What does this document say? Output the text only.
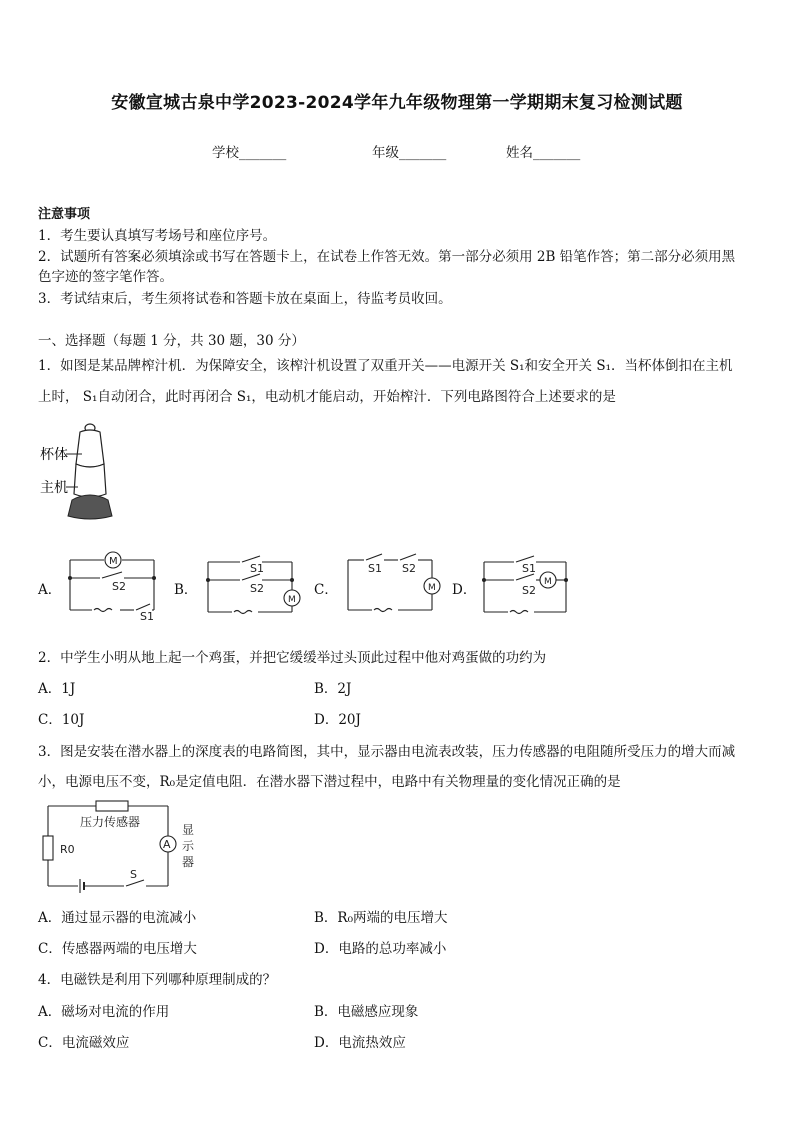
安徽宣城古泉中学2023-2024学年九年级物理第一学期期末复习检测试题
学校_______	年级_______	姓名_______
注意事项
1．考生要认真填写考场号和座位序号。
2．试题所有答案必须填涂或书写在答题卡上，在试卷上作答无效。第一部分必须用 2B 铅笔作答；第二部分必须用黑
色字迹的签字笔作答。
3．考试结束后，考生须将试卷和答题卡放在桌面上，待监考员收回。
一、选择题（每题 1 分，共 30 题，30 分）
1．如图是某品牌榨汁机．为保障安全，该榨汁机设置了双重开关——电源开关 S₁和安全开关 S₁．当杯体倒扣在主机
上时， S₁自动闭合，此时再闭合 S₁，电动机才能启动，开始榨汁．下列电路图符合上述要求的是
杯体
主机
A．
M
S2
S1
B．
S1
S2
M
C．
S1 S2
M D．
S1
S2
M
2．中学生小明从地上起一个鸡蛋，并把它缓缓举过头顶此过程中他对鸡蛋做的功约为
A．1J	B．2J
C．10J	D．20J
3．图是安装在潜水器上的深度表的电路简图，其中，显示器由电流表改装，压力传感器的电阻随所受压力的增大而减
小，电源电压不变，R₀是定值电阻．在潜水器下潜过程中，电路中有关物理量的变化情况正确的是
压力传感器
R0	A
显
示
器
S
A．通过显示器的电流减小	B．R₀两端的电压增大
C．传感器两端的电压增大	D．电路的总功率减小
4．电磁铁是利用下列哪种原理制成的？
A．磁场对电流的作用	B．电磁感应现象
C．电流磁效应	D．电流热效应
